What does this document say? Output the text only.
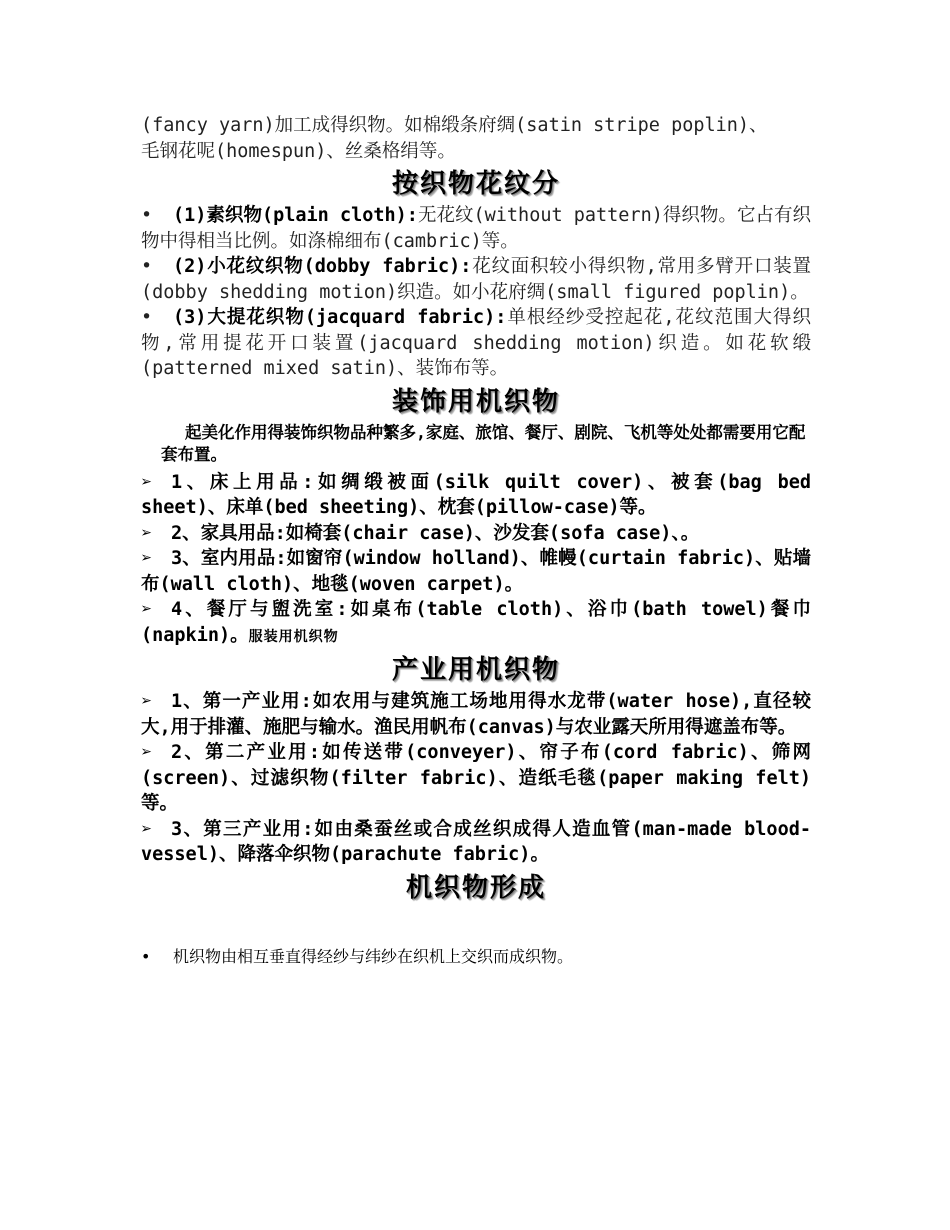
(fancy yarn)加工成得织物。如棉缎条府绸(satin stripe poplin)、

毛钢花呢(homespun)、丝桑格绢等。

按织物花纹分

• (1)素织物(plain cloth):无花纹(without pattern)得织物。它占有织物中得相当比例。如涤棉细布(cambric)等。

• (2)小花纹织物(dobby fabric):花纹面积较小得织物,常用多臂开口装置(dobby shedding motion)织造。如小花府绸(small figured poplin)。

• (3)大提花织物(jacquard fabric):单根经纱受控起花,花纹范围大得织物,常用提花开口装置(jacquard shedding motion)织造。如花软缎(patterned mixed satin)、装饰布等。

装饰用机织物

起美化作用得装饰织物品种繁多,家庭、旅馆、餐厅、剧院、飞机等处处都需要用它配套布置。

➢ 1、床上用品:如绸缎被面(silk quilt cover)、被套(bag bed sheet)、床单(bed sheeting)、枕套(pillow-case)等。

➢ 2、家具用品:如椅套(chair case)、沙发套(sofa case)、。

➢ 3、室内用品:如窗帘(window holland)、帷幔(curtain fabric)、贴墙布(wall cloth)、地毯(woven carpet)。

➢ 4、餐厅与盥洗室:如桌布(table cloth)、浴巾(bath towel)餐巾(napkin)。服装用机织物

产业用机织物

➢ 1、第一产业用:如农用与建筑施工场地用得水龙带(water hose),直径较大,用于排灌、施肥与输水。渔民用帆布(canvas)与农业露天所用得遮盖布等。

➢ 2、第二产业用:如传送带(conveyer)、帘子布(cord fabric)、筛网(screen)、过滤织物(filter fabric)、造纸毛毯(paper making felt)等。

➢ 3、第三产业用:如由桑蚕丝或合成丝织成得人造血管(man-made blood-vessel)、降落伞织物(parachute fabric)。

机织物形成

• 机织物由相互垂直得经纱与纬纱在织机上交织而成织物。
